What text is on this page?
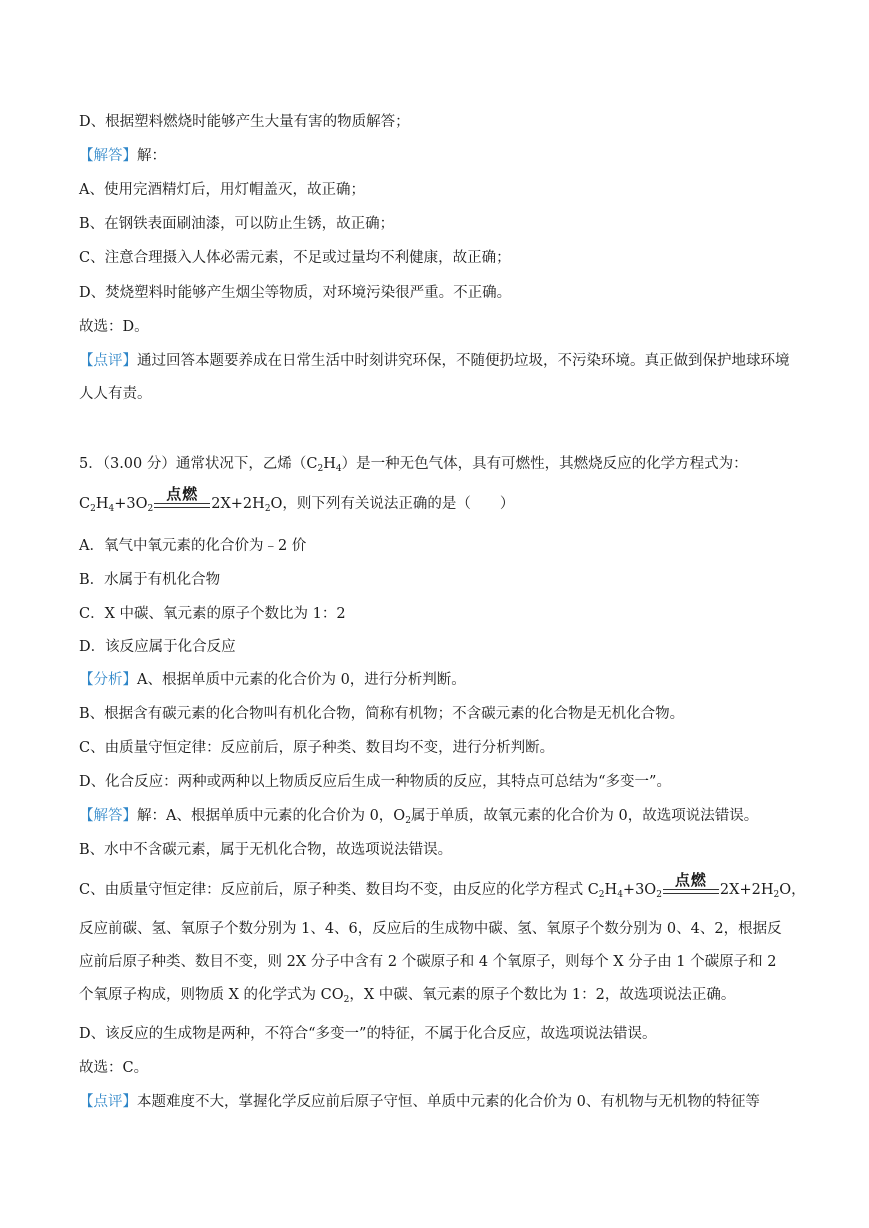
D、根据塑料燃烧时能够产生大量有害的物质解答；
【解答】解：
A、使用完酒精灯后，用灯帽盖灭，故正确；
B、在钢铁表面刷油漆，可以防止生锈，故正确；
C、注意合理摄入人体必需元素，不足或过量均不利健康，故正确；
D、焚烧塑料时能够产生烟尘等物质，对环境污染很严重。不正确。
故选：D。
【点评】通过回答本题要养成在日常生活中时刻讲究环保，不随便扔垃圾，不污染环境。真正做到保护地球环境人人有责。
5．（3.00 分）通常状况下，乙烯$(C_2H_4)$是一种无色气体，具有可燃性，其燃烧反应的化学方程式为：
$C_2H_4+3O_2$
点燃
$2X+2H_2O$，则下列有关说法正确的是（　　）
A．氧气中氧元素的化合价为﹣2 价
B．水属于有机化合物
C．X 中碳、氧元素的原子个数比为 1：2
D．该反应属于化合反应
【分析】A、根据单质中元素的化合价为 0，进行分析判断。
B、根据含有碳元素的化合物叫有机化合物，简称有机物；不含碳元素的化合物是无机化合物。
C、由质量守恒定律：反应前后，原子种类、数目均不变，进行分析判断。
D、化合反应：两种或两种以上物质反应后生成一种物质的反应，其特点可总结为“多变一”。
【解答】解：A、根据单质中元素的化合价为 0，$O_2$属于单质，故氧元素的化合价为 0，故选项说法错误。
B、水中不含碳元素，属于无机化合物，故选项说法错误。
C、由质量守恒定律：反应前后，原子种类、数目均不变，由反应的化学方程式 $C_2H_4+3O_2$
点燃
$2X+2H_2O$，
反应前碳、氢、氧原子个数分别为 1、4、6，反应后的生成物中碳、氢、氧原子个数分别为 0、4、2，根据反应前后原子种类、数目不变，则 2X 分子中含有 2 个碳原子和 4 个氧原子，则每个 X 分子由 1 个碳原子和 2 个氧原子构成，则物质 X 的化学式为 $CO_2$，X 中碳、氧元素的原子个数比为 1：2，故选项说法正确。
D、该反应的生成物是两种，不符合“多变一”的特征，不属于化合反应，故选项说法错误。
故选：C。
【点评】本题难度不大，掌握化学反应前后原子守恒、单质中元素的化合价为 0、有机物与无机物的特征等
